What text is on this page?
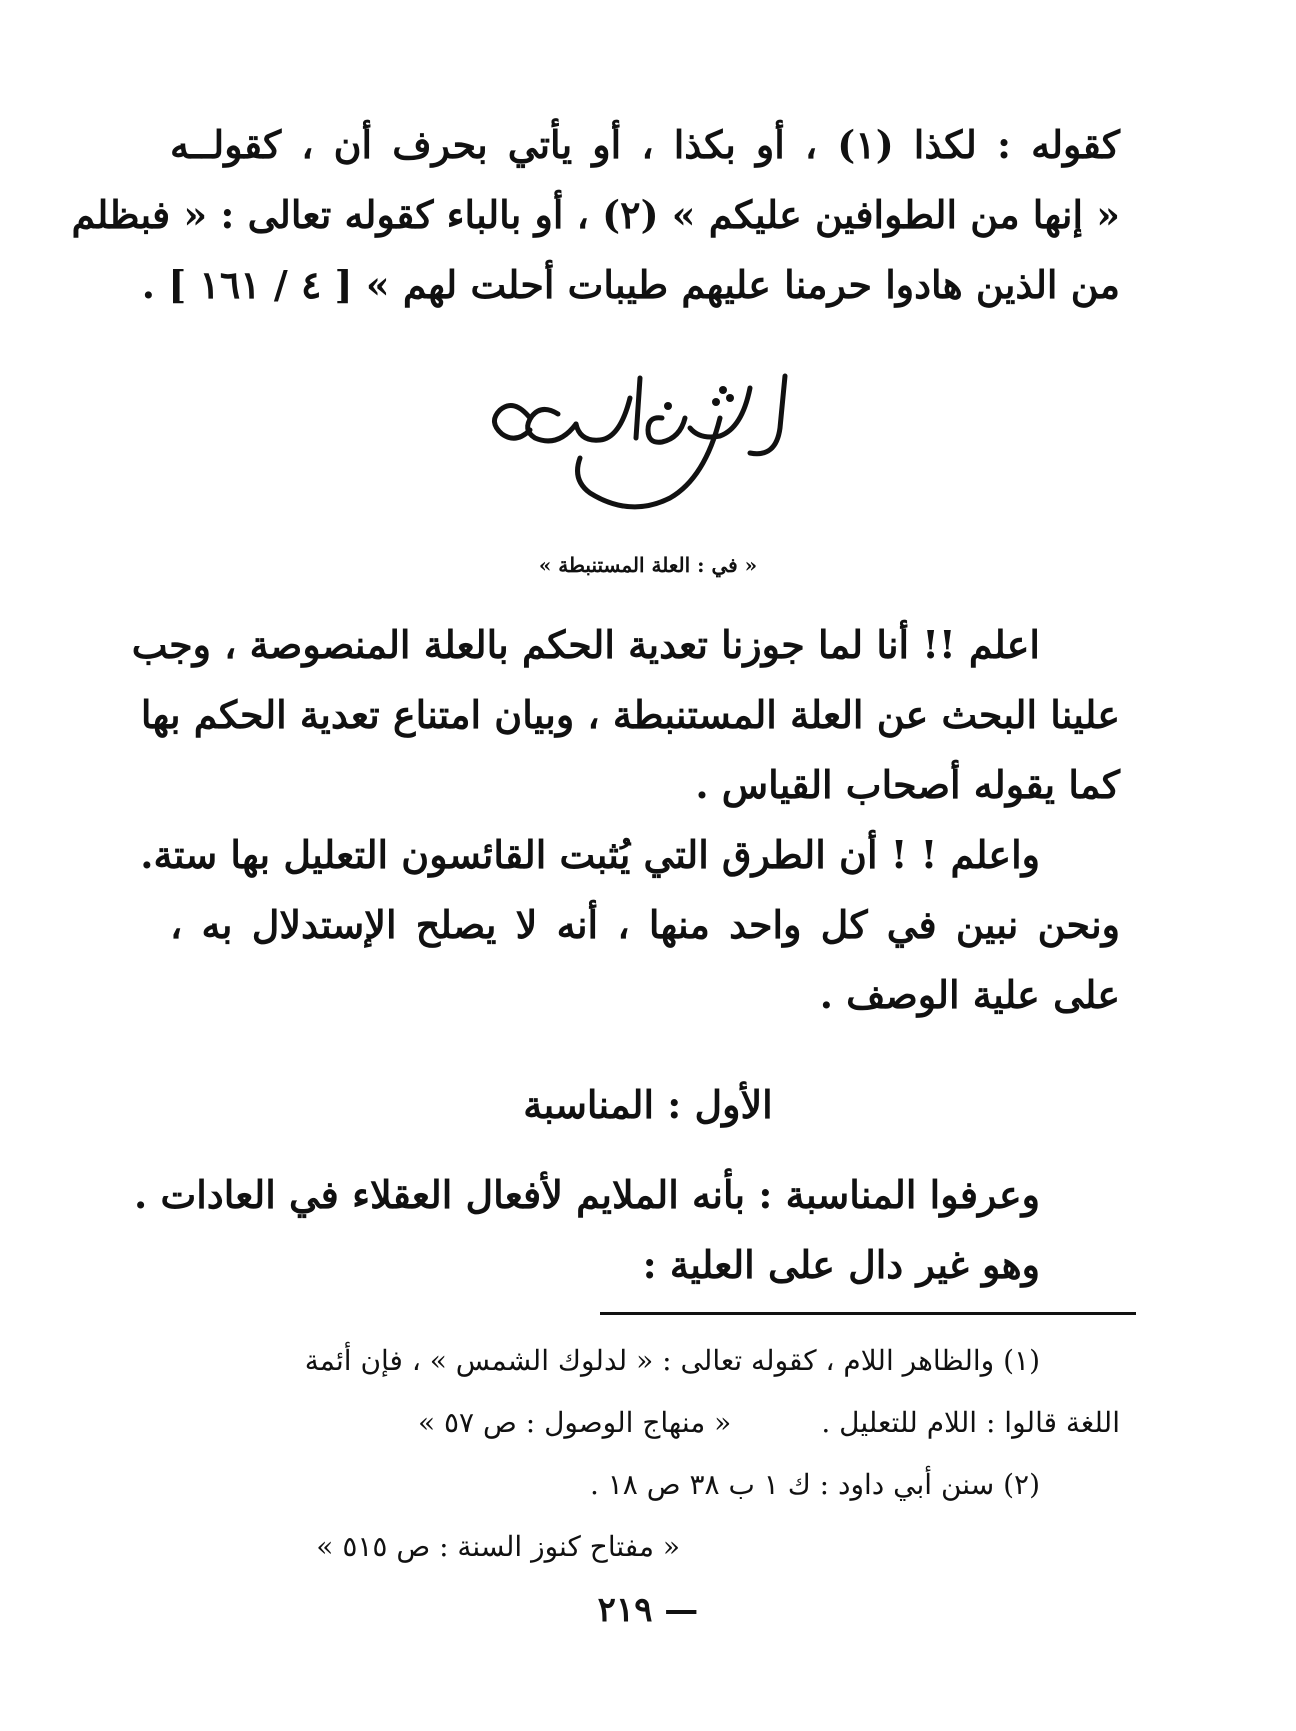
كقوله : لكذا (١) ، أو بكذا ، أو يأتي بحرف أن ، كقولــه
« إنها من الطوافين عليكم » (٢) ، أو بالباء كقوله تعالى : « فبظلم
من الذين هادوا حرمنا عليهم طيبات أحلت لهم » [ ٤ / ١٦١ ] .
« في : العلة المستنبطة »
اعلم !! أنا لما جوزنا تعدية الحكم بالعلة المنصوصة ، وجب
علينا البحث عن العلة المستنبطة ، وبيان امتناع تعدية الحكم بها
كما يقوله أصحاب القياس .
واعلم ! ! أن الطرق التي يُثبت القائسون التعليل بها ستة.
ونحن نبين في كل واحد منها ، أنه لا يصلح الإستدلال به ،
على علية الوصف .
الأول : المناسبة
وعرفوا المناسبة : بأنه الملايم لأفعال العقلاء في العادات .
وهو غير دال على العلية :
(١) والظاهر اللام ، كقوله تعالى : « لدلوك الشمس » ، فإن أئمة
اللغة قالوا : اللام للتعليل .« منهاج الوصول : ص ٥٧ »
(٢) سنن أبي داود : ك ١ ب ٣٨ ص ١٨ .
« مفتاح كنوز السنة : ص ٥١٥ »
— ٢١٩
